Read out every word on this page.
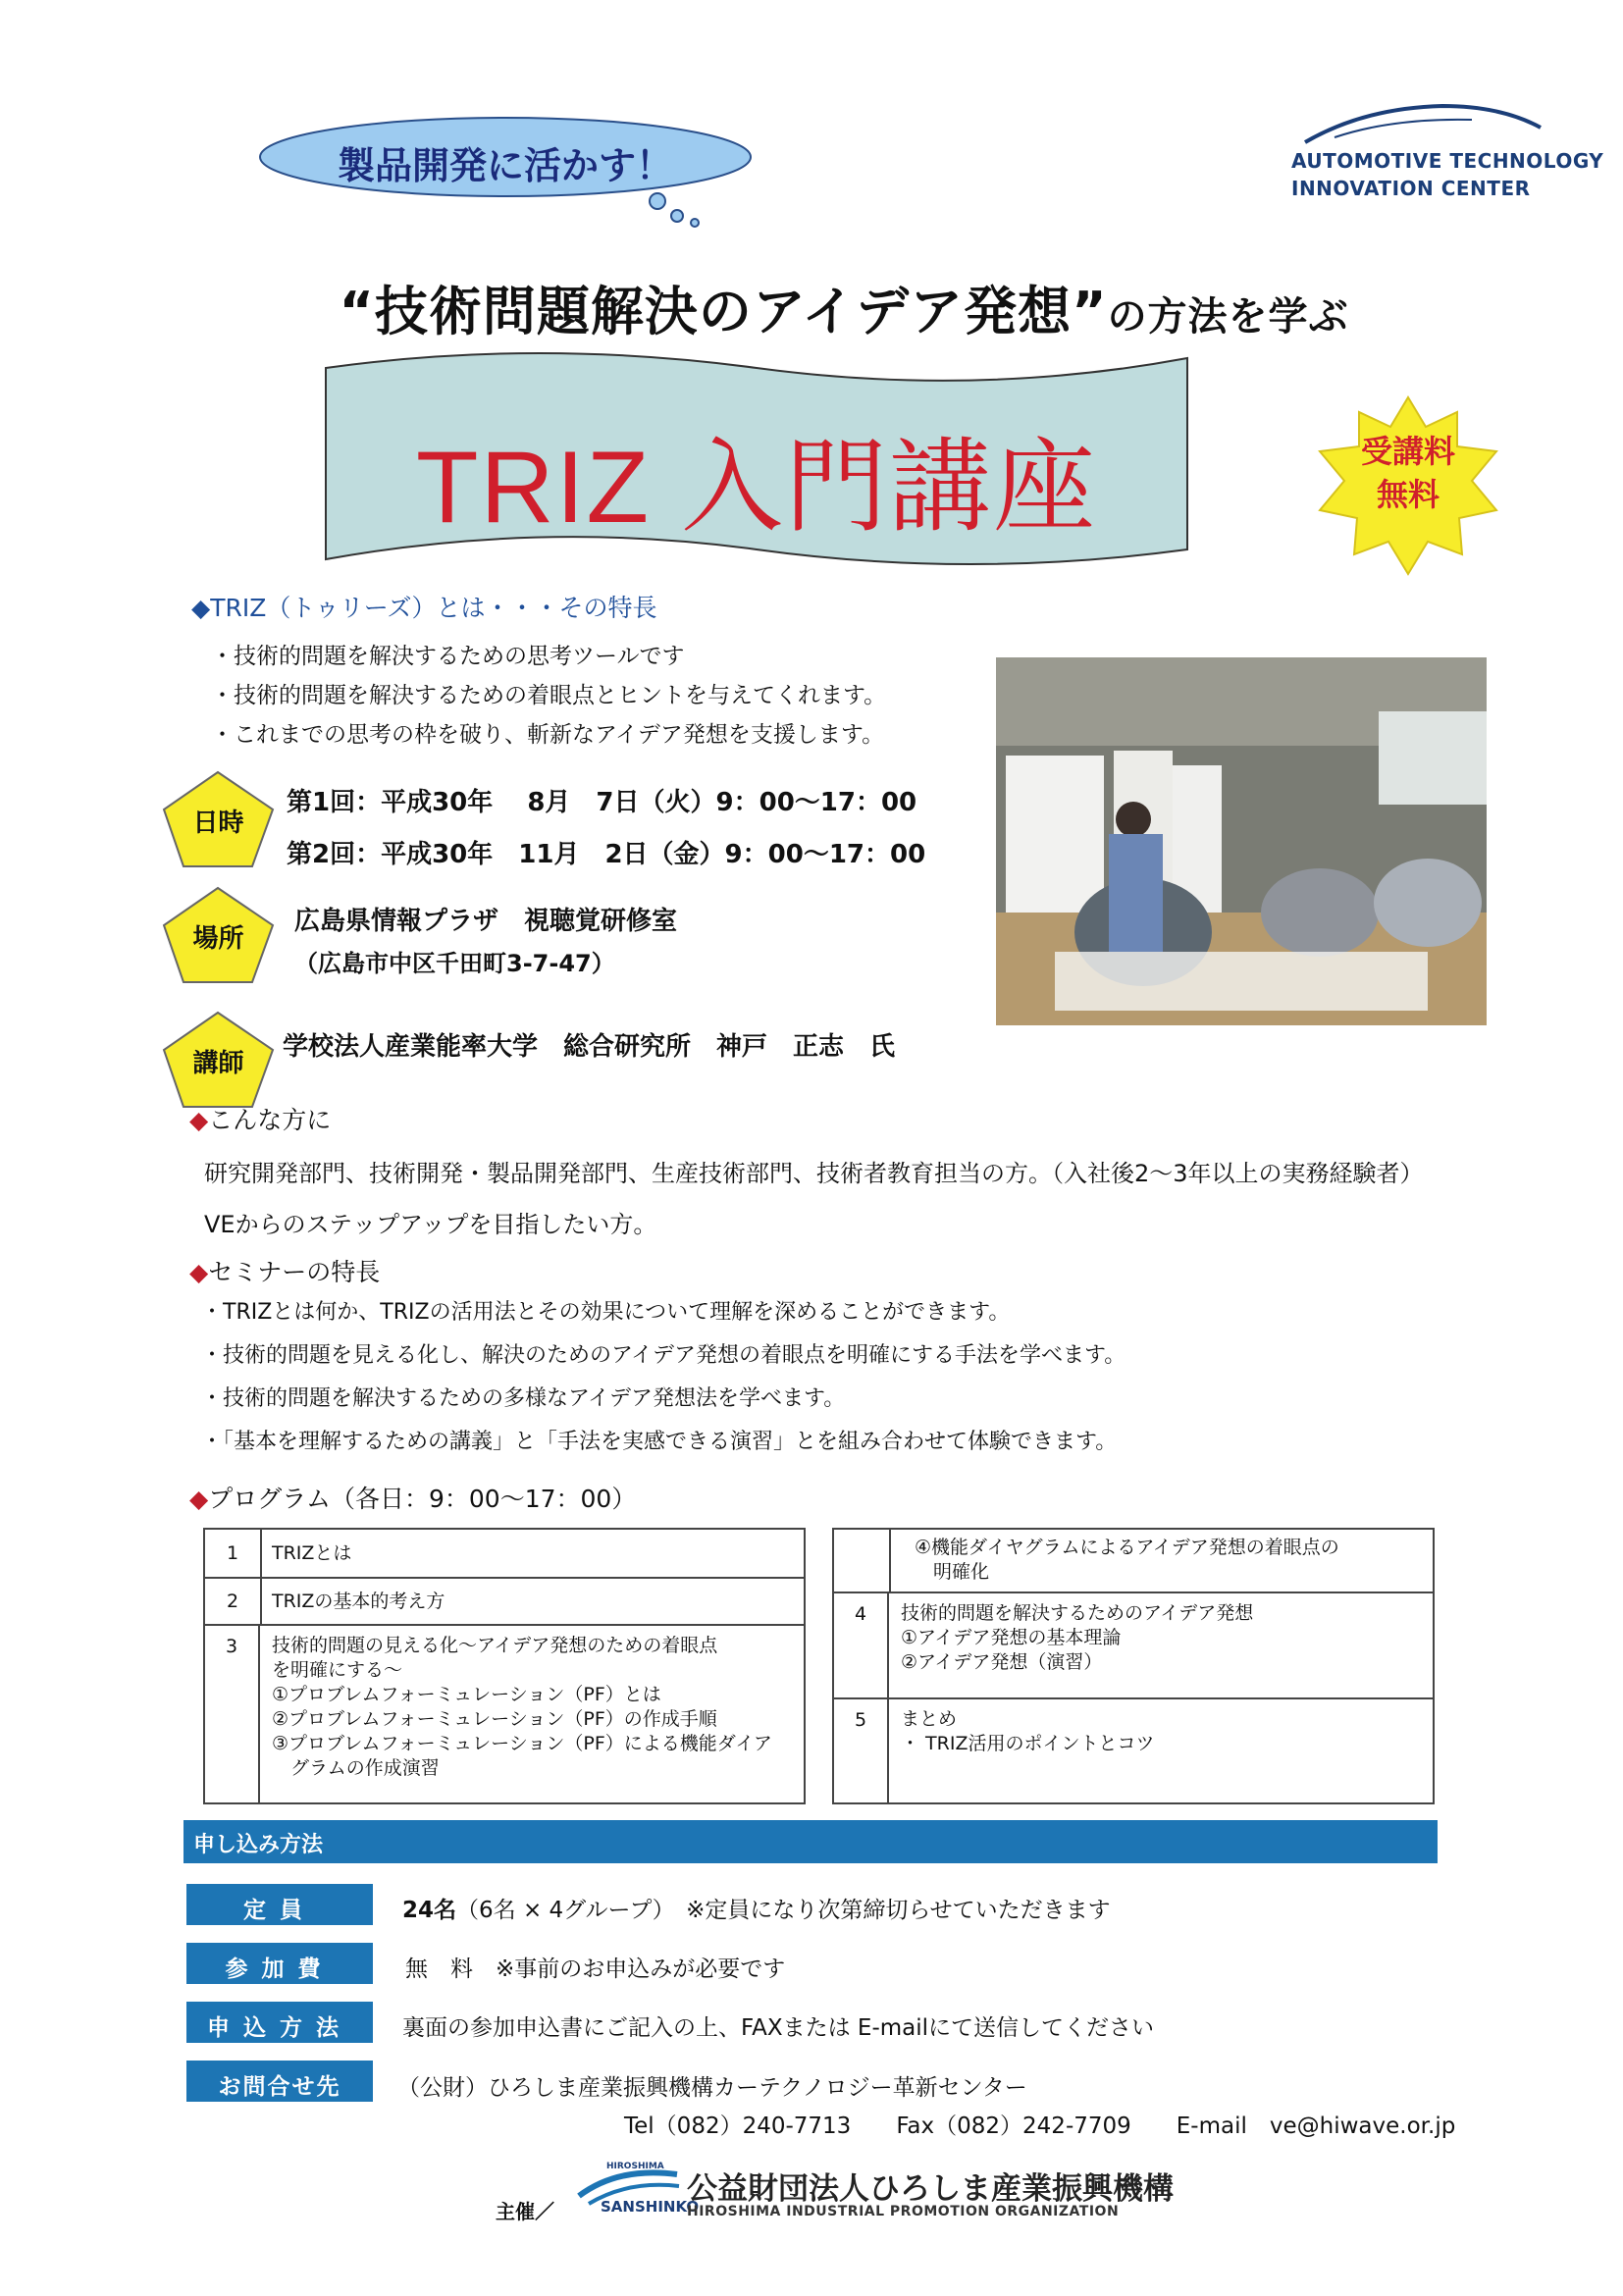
製品開発に活かす！	AUTOMOTIVE TECHNOLOGY
INNOVATION CENTER
“技術問題解決のアイデア発想”の方法を学ぶ
TRIZ 入門講座	受講料
無料
◆TRIZ（トゥリーズ）とは・・・その特長
・技術的問題を解決するための思考ツールです
・技術的問題を解決するための着眼点とヒントを与えてくれます。
・これまでの思考の枠を破り、斬新なアイデア発想を支援します。
日時
第1回：平成30年　 8月　7日（火）9：00～17：00
第2回：平成30年　11月　2日（金）9：00～17：00
場所
広島県情報プラザ　視聴覚研修室
（広島市中区千田町3-7-47）
講師
学校法人産業能率大学　総合研究所　神戸　正志　氏
◆こんな方に
研究開発部門、技術開発・製品開発部門、生産技術部門、技術者教育担当の方。（入社後2～3年以上の実務経験者）
VEからのステップアップを目指したい方。
◆セミナーの特長
・TRIZとは何か、TRIZの活用法とその効果について理解を深めることができます。
・技術的問題を見える化し、解決のためのアイデア発想の着眼点を明確にする手法を学べます。
・技術的問題を解決するための多様なアイデア発想法を学べます。
・「基本を理解するための講義」と「手法を実感できる演習」とを組み合わせて体験できます。
◆プログラム（各日：9：00～17：00）
1	TRIZとは
2	TRIZの基本的考え方
3	技術的問題の見える化～アイデア発想のための着眼点
を明確にする～
①プロブレムフォーミュレーション（PF）とは
②プロブレムフォーミュレーション（PF）の作成手順
③プロブレムフォーミュレーション（PF）による機能ダイア
　グラムの作成演習
④機能ダイヤグラムによるアイデア発想の着眼点の
　明確化
4	技術的問題を解決するためのアイデア発想
①アイデア発想の基本理論
②アイデア発想（演習）
5	まとめ
・ TRIZ活用のポイントとコツ
申し込み方法
定員	24名（6名 × 4グループ）　※定員になり次第締切らせていただきます
参加費	無　料　※事前のお申込みが必要です
申込方法	裏面の参加申込書にご記入の上、FAXまたは E-mailにて送信してください
お問合せ先	（公財）ひろしま産業振興機構カーテクノロジー革新センター
Tel（082）240-7713　　Fax（082）242-7709　　E-mail　ve@hiwave.or.jp
主催／
HIROSHIMA
SANSHINKO
公益財団法人ひろしま産業振興機構
HIROSHIMA INDUSTRIAL PROMOTION ORGANIZATION
